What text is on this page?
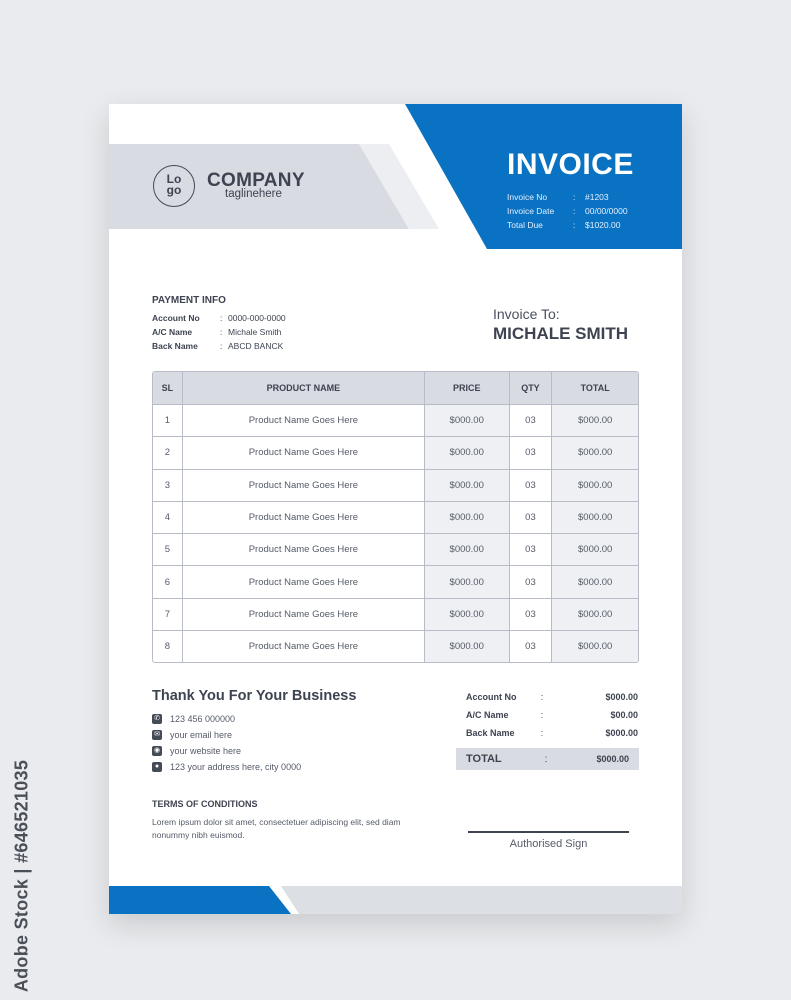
Lo
go	COMPANY
taglinehere
INVOICE
Invoice No	:	#1203
Invoice Date	:	00/00/0000
Total Due	:	$1020.00
PAYMENT INFO
Account No	: 0000-000-0000
A/C Name	: Michale Smith
Back Name	: ABCD BANCK
Invoice To:
MICHALE SMITH
SL	PRODUCT NAME	PRICE	QTY	TOTAL
1	Product Name Goes Here	$000.00	03	$000.00
2	Product Name Goes Here	$000.00	03	$000.00
3	Product Name Goes Here	$000.00	03	$000.00
4	Product Name Goes Here	$000.00	03	$000.00
5	Product Name Goes Here	$000.00	03	$000.00
6	Product Name Goes Here	$000.00	03	$000.00
7	Product Name Goes Here	$000.00	03	$000.00
8	Product Name Goes Here	$000.00	03	$000.00
Thank You For Your Business
✆ 123 456 000000
✉ your email here
◉ your website here
●	123 your address here, city 0000
Account No	:	$000.00
A/C Name	:	$00.00
Back Name	:	$000.00
TOTAL	:	$000.00
TERMS OF CONDITIONS
Lorem ipsum dolor sit amet, consectetuer adipiscing elit, sed diam nonummy nibh euismod.
Authorised Sign
Adobe Stock | #646521035
